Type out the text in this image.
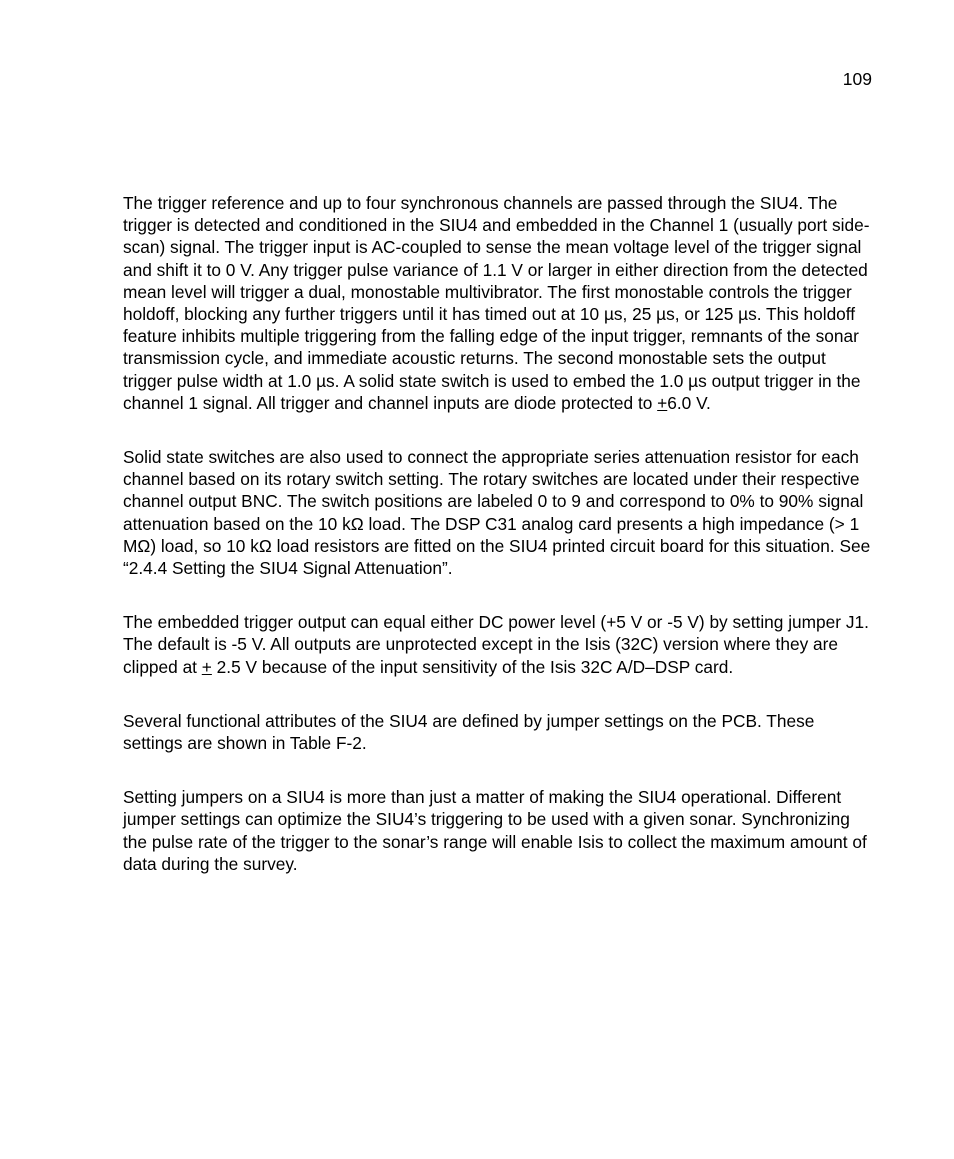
109

The trigger reference and up to four synchronous channels are passed through the SIU4. The trigger is detected and conditioned in the SIU4 and embedded in the Channel 1 (usually port side-scan) signal. The trigger input is AC-coupled to sense the mean voltage level of the trigger signal and shift it to 0 V. Any trigger pulse variance of 1.1 V or larger in either direction from the detected mean level will trigger a dual, monostable multivibrator. The first monostable controls the trigger holdoff, blocking any further triggers until it has timed out at 10 µs, 25 µs, or 125 µs. This holdoff feature inhibits multiple triggering from the falling edge of the input trigger, remnants of the sonar transmission cycle, and immediate acoustic returns. The second monostable sets the output trigger pulse width at 1.0 µs. A solid state switch is used to embed the 1.0 µs output trigger in the channel 1 signal. All trigger and channel inputs are diode protected to +6.0 V.

Solid state switches are also used to connect the appropriate series attenuation resistor for each channel based on its rotary switch setting. The rotary switches are located under their respective channel output BNC. The switch positions are labeled 0 to 9 and correspond to 0% to 90% signal attenuation based on the 10 kΩ load. The DSP C31 analog card presents a high impedance (> 1 MΩ) load, so 10 kΩ load resistors are fitted on the SIU4 printed circuit board for this situation. See “2.4.4 Setting the SIU4 Signal Attenuation”.

The embedded trigger output can equal either DC power level (+5 V or -5 V) by setting jumper J1. The default is -5 V. All outputs are unprotected except in the Isis (32C) version where they are clipped at + 2.5 V because of the input sensitivity of the Isis 32C A/D–DSP card.

Several functional attributes of the SIU4 are defined by jumper settings on the PCB. These settings are shown in Table F-2.

Setting jumpers on a SIU4 is more than just a matter of making the SIU4 operational. Different jumper settings can optimize the SIU4’s triggering to be used with a given sonar. Synchronizing the pulse rate of the trigger to the sonar’s range will enable Isis to collect the maximum amount of data during the survey.
